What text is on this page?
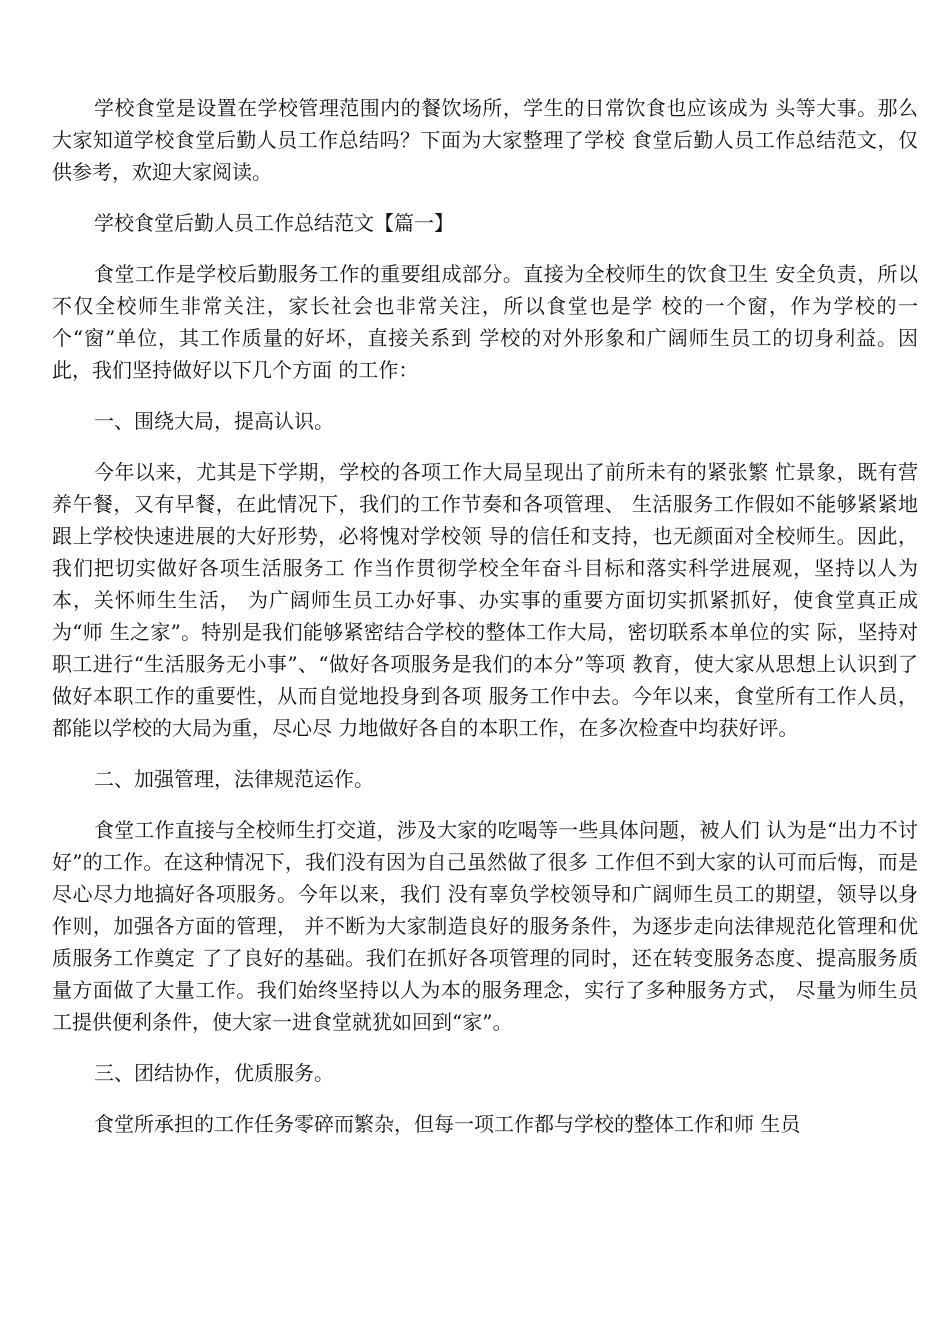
学校食堂是设置在学校管理范围内的餐饮场所，学生的日常饮食也应该成为 头等大事。那么大家知道学校食堂后勤人员工作总结吗？下面为大家整理了学校 食堂后勤人员工作总结范文，仅供参考，欢迎大家阅读。

学校食堂后勤人员工作总结范文【篇一】

食堂工作是学校后勤服务工作的重要组成部分。直接为全校师生的饮食卫生 安全负责，所以不仅全校师生非常关注，家长社会也非常关注，所以食堂也是学 校的一个窗，作为学校的一个“窗”单位，其工作质量的好坏，直接关系到 学校的对外形象和广阔师生员工的切身利益。因此，我们坚持做好以下几个方面 的工作：

一、围绕大局，提高认识。

今年以来，尤其是下学期，学校的各项工作大局呈现出了前所未有的紧张繁 忙景象，既有营养午餐，又有早餐，在此情况下，我们的工作节奏和各项管理、 生活服务工作假如不能够紧紧地跟上学校快速进展的大好形势，必将愧对学校领 导的信任和支持，也无颜面对全校师生。因此，我们把切实做好各项生活服务工 作当作贯彻学校全年奋斗目标和落实科学进展观，坚持以人为本，关怀师生生活， 为广阔师生员工办好事、办实事的重要方面切实抓紧抓好，使食堂真正成为“师 生之家”。特别是我们能够紧密结合学校的整体工作大局，密切联系本单位的实 际，坚持对职工进行“生活服务无小事”、“做好各项服务是我们的本分”等项 教育，使大家从思想上认识到了做好本职工作的重要性，从而自觉地投身到各项 服务工作中去。今年以来，食堂所有工作人员，都能以学校的大局为重，尽心尽 力地做好各自的本职工作，在多次检查中均获好评。

二、加强管理，法律规范运作。

食堂工作直接与全校师生打交道，涉及大家的吃喝等一些具体问题，被人们 认为是“出力不讨好”的工作。在这种情况下，我们没有因为自己虽然做了很多 工作但不到大家的认可而后悔，而是尽心尽力地搞好各项服务。今年以来，我们 没有辜负学校领导和广阔师生员工的期望，领导以身作则，加强各方面的管理， 并不断为大家制造良好的服务条件，为逐步走向法律规范化管理和优质服务工作奠定 了了良好的基础。我们在抓好各项管理的同时，还在转变服务态度、提高服务质 量方面做了大量工作。我们始终坚持以人为本的服务理念，实行了多种服务方式， 尽量为师生员工提供便利条件，使大家一进食堂就犹如回到“家”。

三、团结协作，优质服务。

食堂所承担的工作任务零碎而繁杂，但每一项工作都与学校的整体工作和师 生员
